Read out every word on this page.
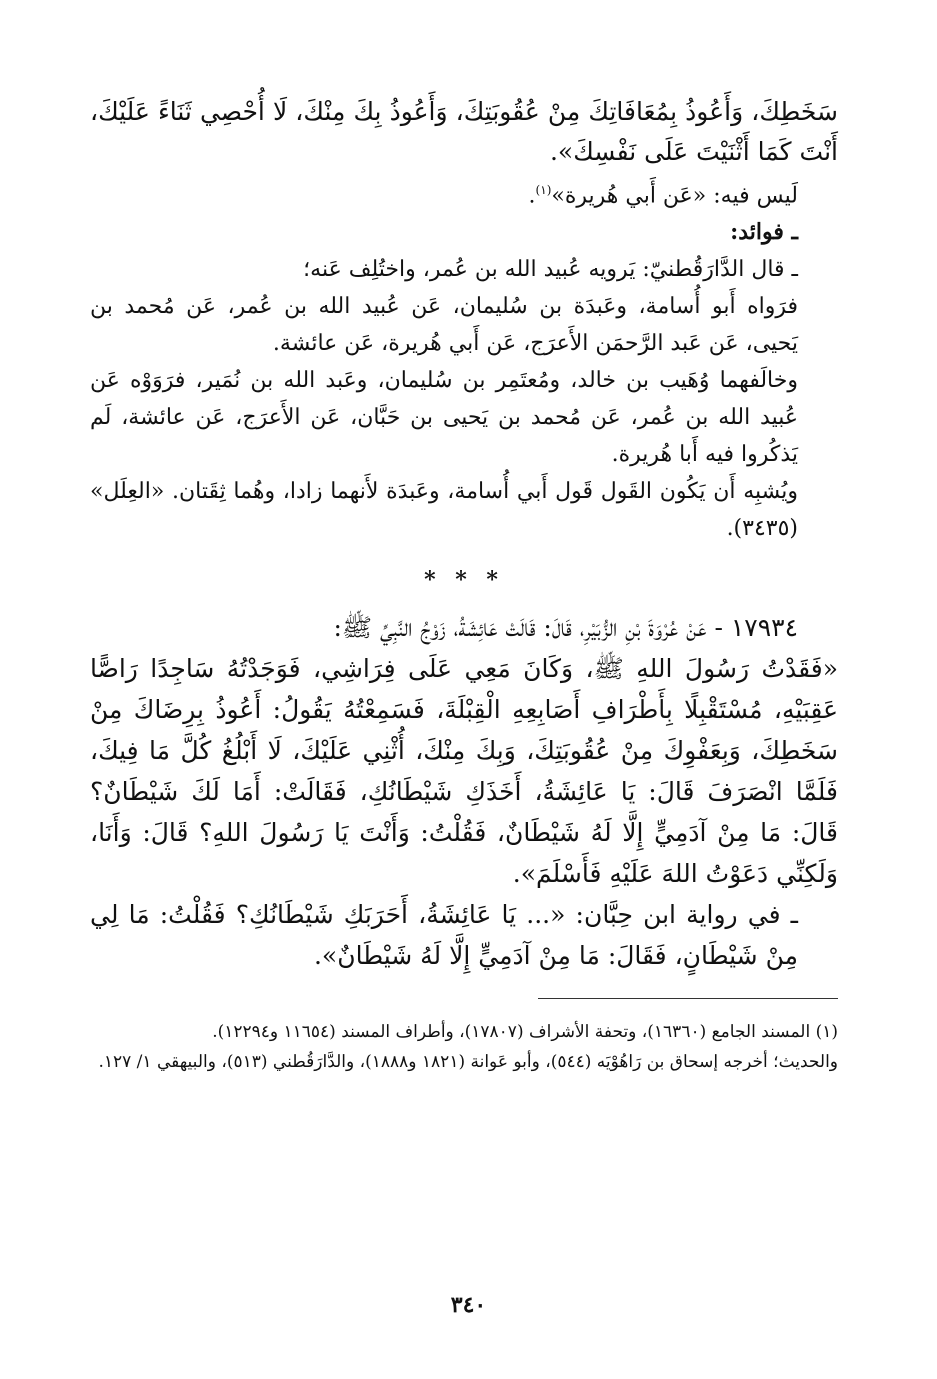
سَخَطِكَ، وَأَعُوذُ بِمُعَافَاتِكَ مِنْ عُقُوبَتِكَ، وَأَعُوذُ بِكَ مِنْكَ، لَا أُحْصِي ثَنَاءً عَلَيْكَ، أَنْتَ كَمَا أَثْنَيْتَ عَلَى نَفْسِكَ».

لَيس فيه: «عَن أَبي هُريرة»$^{(١)}$.

ـ فوائد:

ـ قال الدَّارَقُطنيّ: يَرويه عُبيد الله بن عُمر، واختُلِف عَنه؛

فرَواه أَبو أُسامة، وعَبدَة بن سُليمان، عَن عُبيد الله بن عُمر، عَن مُحمد بن يَحيى، عَن عَبد الرَّحمَن الأَعرَج، عَن أَبي هُريرة، عَن عائشة.

وخالَفهما وُهَيب بن خالد، ومُعتَمِر بن سُليمان، وعَبد الله بن نُمَير، فرَوَوْه عَن عُبيد الله بن عُمر، عَن مُحمد بن يَحيى بن حَبَّان، عَن الأَعرَج، عَن عائشة، لَم يَذكُروا فيه أَبا هُريرة.

ويُشبِه أَن يَكُون القَول قَول أَبي أُسامة، وعَبدَة لأَنهما زادا، وهُما ثِقَتان. «العِلَل» (٣٤٣٥).

* * *

١٧٩٣٤ - عَنْ عُرْوَةَ بْنِ الزُّبَيْرِ، قَالَ: قَالَتْ عَائِشَةُ، زَوْجُ النَّبِيِّ ﷺ:

«فَقَدْتُ رَسُولَ اللهِ ﷺ، وَكَانَ مَعِي عَلَى فِرَاشِي، فَوَجَدْتُهُ سَاجِدًا رَاصًّا عَقِبَيْهِ، مُسْتَقْبِلًا بِأَطْرَافِ أَصَابِعِهِ الْقِبْلَةَ، فَسَمِعْتُهُ يَقُولُ: أَعُوذُ بِرِضَاكَ مِنْ سَخَطِكَ، وَبِعَفْوِكَ مِنْ عُقُوبَتِكَ، وَبِكَ مِنْكَ، أُثْنِي عَلَيْكَ، لَا أَبْلُغُ كُلَّ مَا فِيكَ، فَلَمَّا انْصَرَفَ قَالَ: يَا عَائِشَةُ، أَخَذَكِ شَيْطَانُكِ، فَقَالَتْ: أَمَا لَكَ شَيْطَانٌ؟ قَالَ: مَا مِنْ آدَمِيٍّ إِلَّا لَهُ شَيْطَانٌ، فَقُلْتُ: وَأَنْتَ يَا رَسُولَ اللهِ؟ قَالَ: وَأَنَا، وَلَكِنِّي دَعَوْتُ اللهَ عَلَيْهِ فَأَسْلَمَ».

ـ في رواية ابن حِبَّان: «... يَا عَائِشَةُ، أَحَرَبَكِ شَيْطَانُكِ؟ فَقُلْتُ: مَا لِي مِنْ شَيْطَانٍ، فَقَالَ: مَا مِنْ آدَمِيٍّ إِلَّا لَهُ شَيْطَانٌ».

(١) المسند الجامع (١٦٣٦٠)، وتحفة الأشراف (١٧٨٠٧)، وأطراف المسند (١١٦٥٤ و١٢٢٩٤).

والحديث؛ أخرجه إسحاق بن رَاهُوْيَه (٥٤٤)، وأبو عَوانة (١٨٢١ و١٨٨٨)، والدَّارَقُطني (٥١٣)، والبيهقي ١/ ١٢٧.

٣٤٠
